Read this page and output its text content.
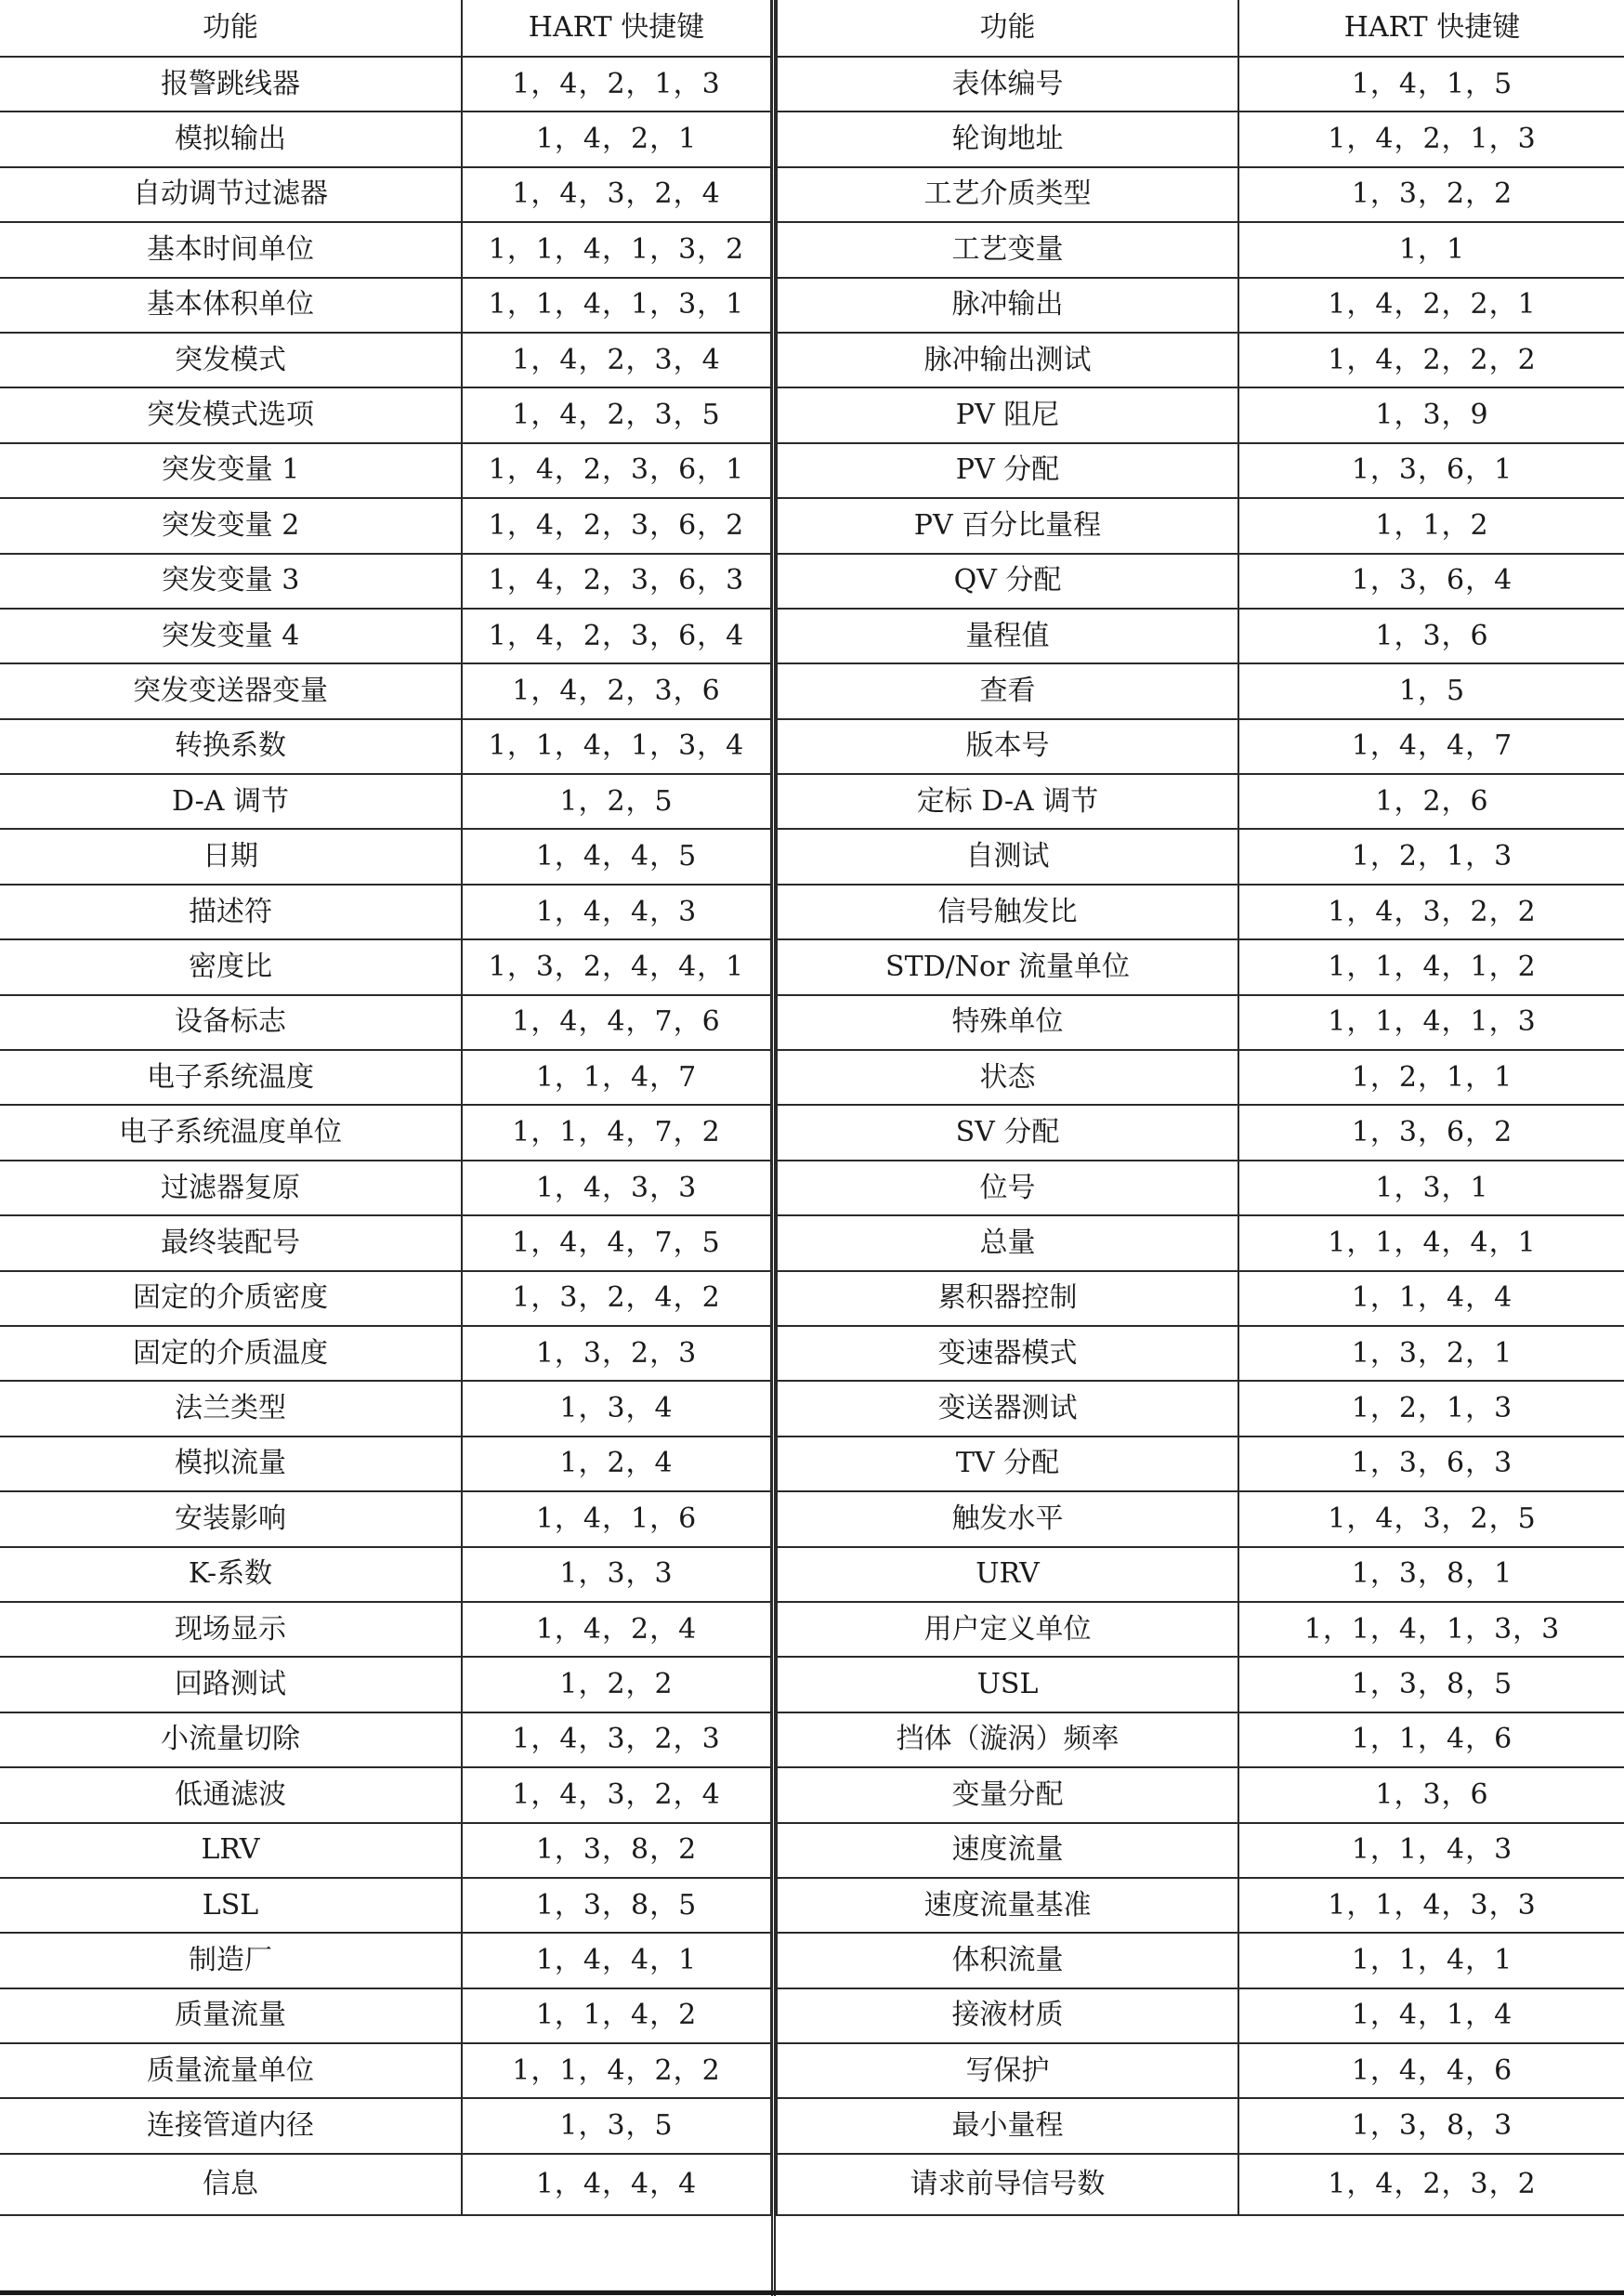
功能	HART 快捷键
报警跳线器	1，4，2，1，3
模拟输出	1，4，2，1
自动调节过滤器	1，4，3，2，4
基本时间单位	1，1，4，1，3，2
基本体积单位	1，1，4，1，3，1
突发模式	1，4，2，3，4
突发模式选项	1，4，2，3，5
突发变量 1	1，4，2，3，6，1
突发变量 2	1，4，2，3，6，2
突发变量 3	1，4，2，3，6，3
突发变量 4	1，4，2，3，6，4
突发变送器变量	1，4，2，3，6
转换系数	1，1，4，1，3，4
D-A 调节	1，2，5
日期	1，4，4，5
描述符	1，4，4，3
密度比	1，3，2，4，4，1
设备标志	1，4，4，7，6
电子系统温度	1，1，4，7
电子系统温度单位	1，1，4，7，2
过滤器复原	1，4，3，3
最终装配号	1，4，4，7，5
固定的介质密度	1，3，2，4，2
固定的介质温度	1，3，2，3
法兰类型	1，3，4
模拟流量	1，2，4
安装影响	1，4，1，6
K-系数	1，3，3
现场显示	1，4，2，4
回路测试	1，2，2
小流量切除	1，4，3，2，3
低通滤波	1，4，3，2，4
LRV	1，3，8，2
LSL	1，3，8，5
制造厂	1，4，4，1
质量流量	1，1，4，2
质量流量单位	1，1，4，2，2
连接管道内径	1，3，5
信息	1，4，4，4
功能	HART 快捷键
表体编号	1，4，1，5
轮询地址	1，4，2，1，3
工艺介质类型	1，3，2，2
工艺变量	1，1
脉冲输出	1，4，2，2，1
脉冲输出测试	1，4，2，2，2
PV 阻尼	1，3，9
PV 分配	1，3，6，1
PV 百分比量程	1，1，2
QV 分配	1，3，6，4
量程值	1，3，6
查看	1，5
版本号	1，4，4，7
定标 D-A 调节	1，2，6
自测试	1，2，1，3
信号触发比	1，4，3，2，2
STD/Nor 流量单位	1，1，4，1，2
特殊单位	1，1，4，1，3
状态	1，2，1，1
SV 分配	1，3，6，2
位号	1，3，1
总量	1，1，4，4，1
累积器控制	1，1，4，4
变速器模式	1，3，2，1
变送器测试	1，2，1，3
TV 分配	1，3，6，3
触发水平	1，4，3，2，5
URV	1，3，8，1
用户定义单位	1，1，4，1，3，3
USL	1，3，8，5
挡体（漩涡）频率	1，1，4，6
变量分配	1，3，6
速度流量	1，1，4，3
速度流量基准	1，1，4，3，3
体积流量	1，1，4，1
接液材质	1，4，1，4
写保护	1，4，4，6
最小量程	1，3，8，3
请求前导信号数	1，4，2，3，2
